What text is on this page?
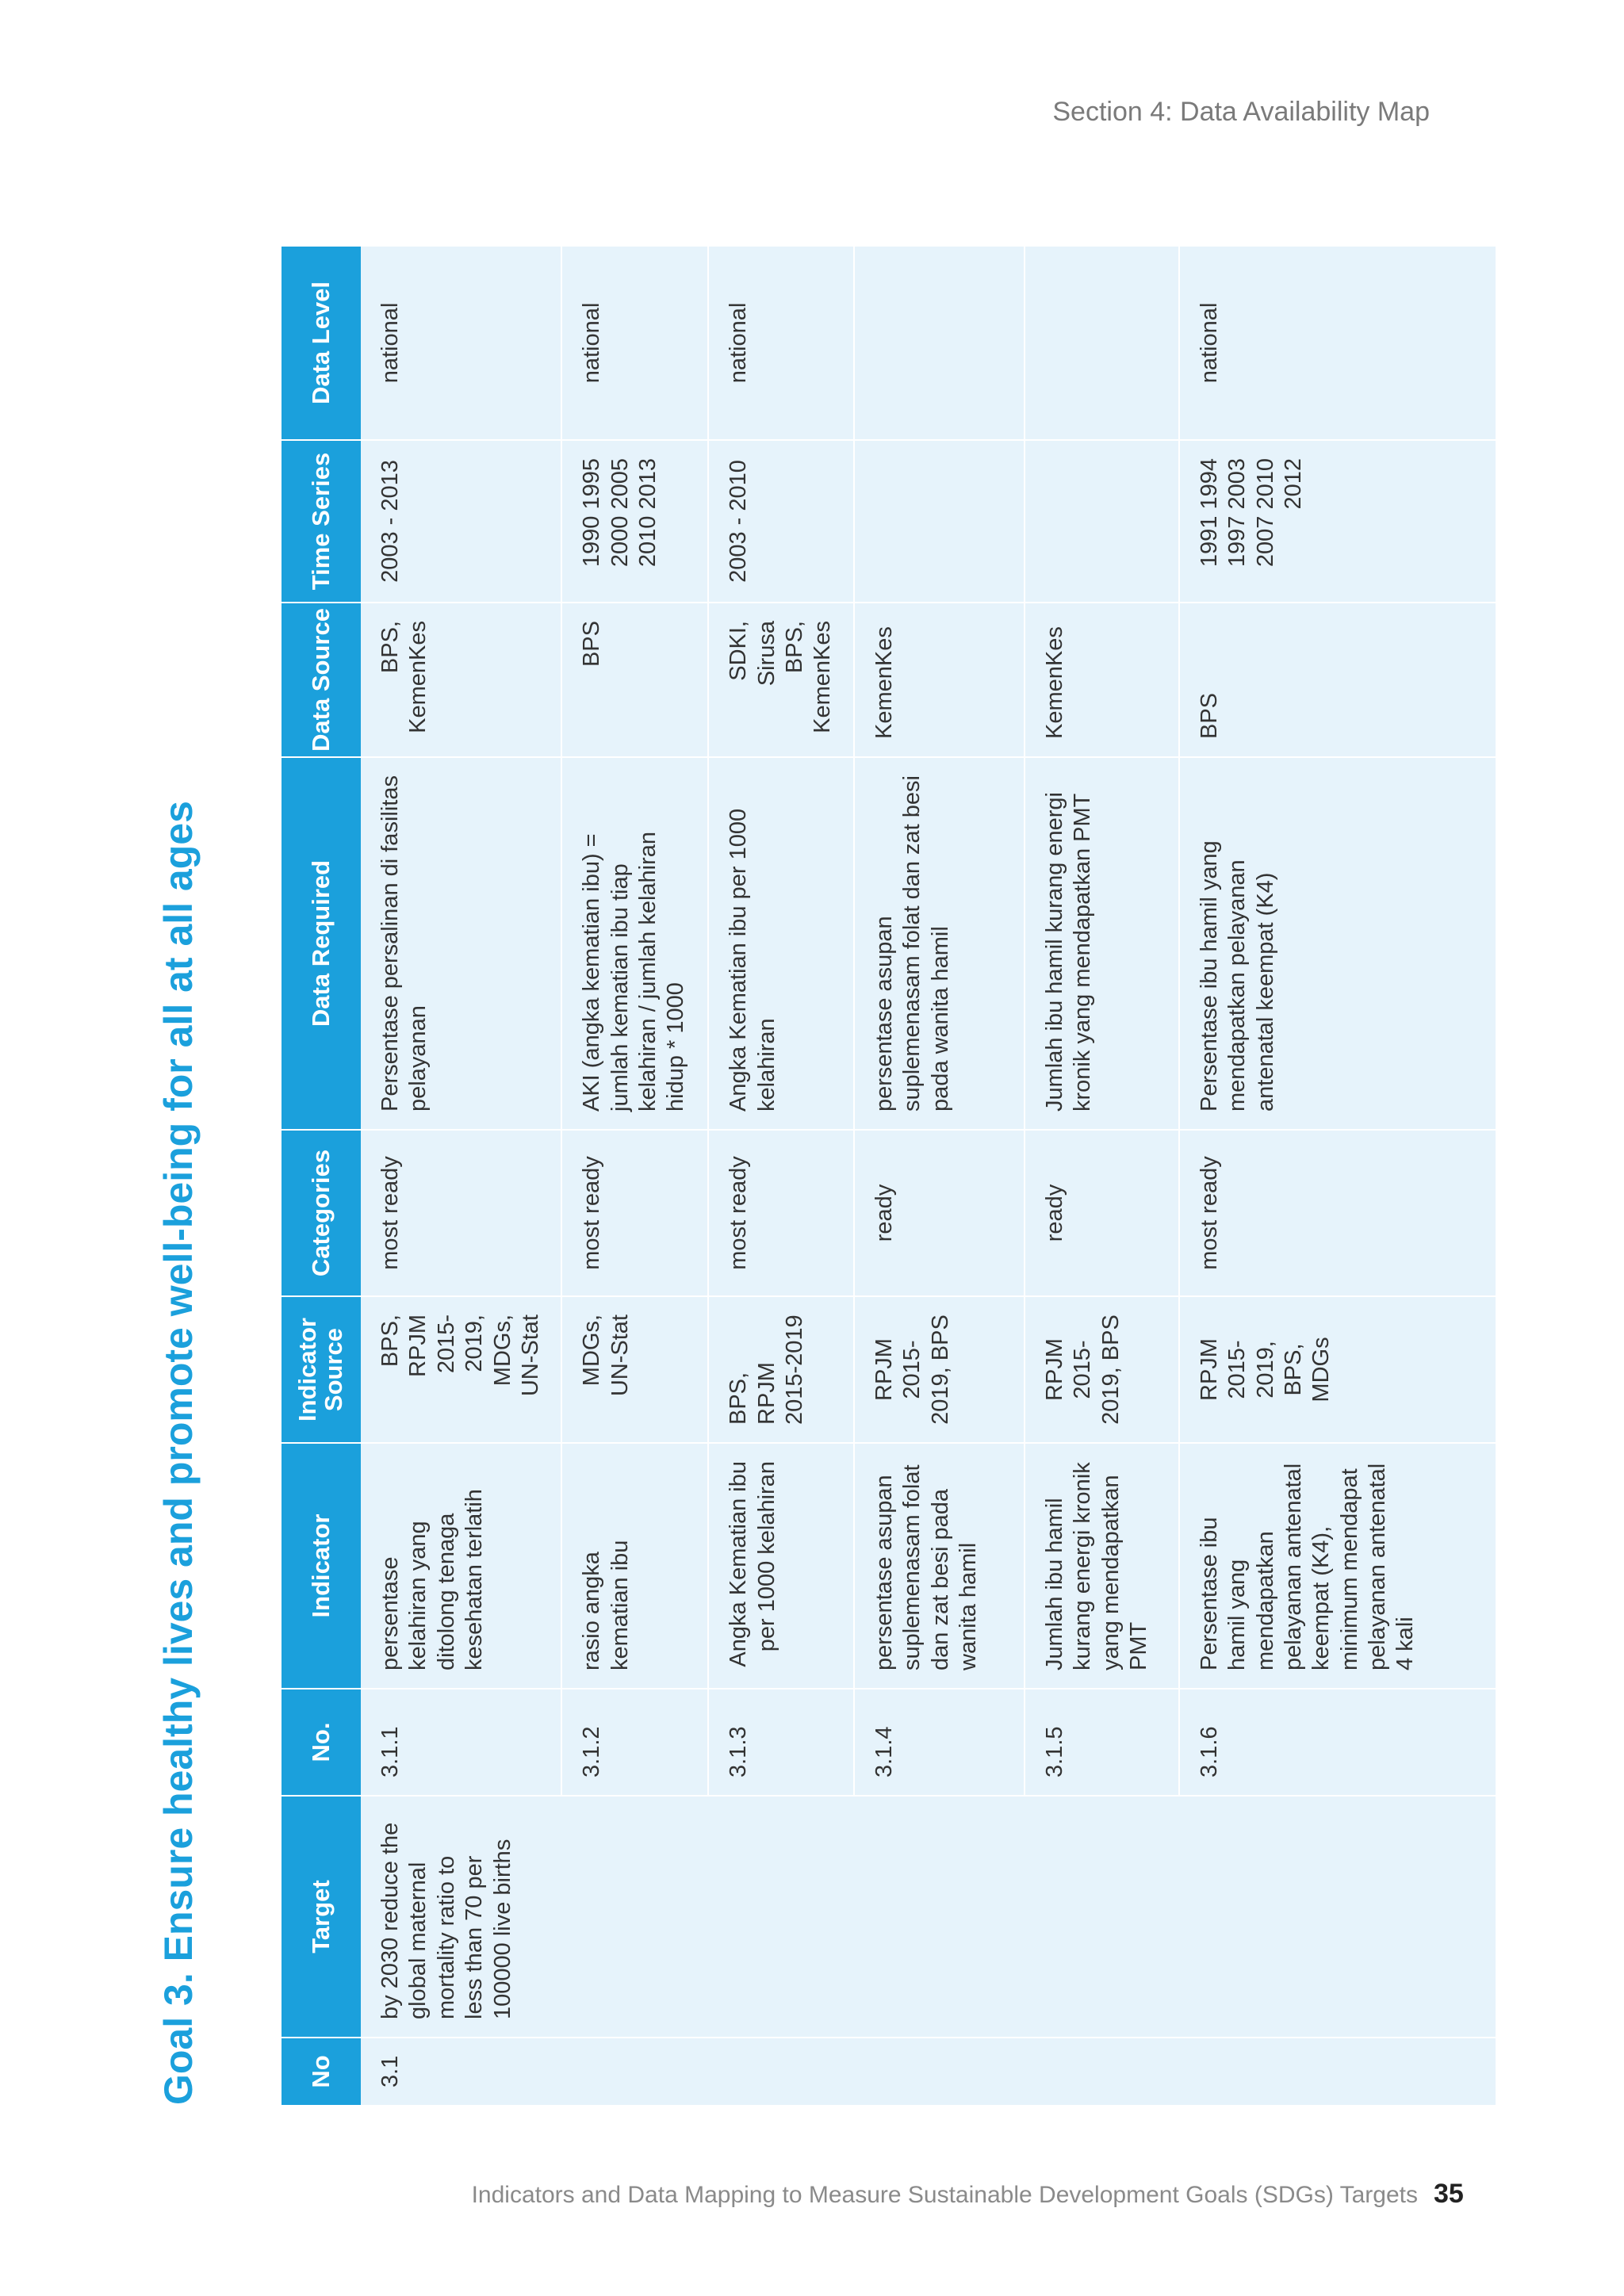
Section 4: Data Availability Map
Goal 3. Ensure healthy lives and promote well-being for all at all ages	No	Target	No.	Indicator	Indicator Source	Categories	Data Required	Data Source	Time Series	Data Level
3.1	by 2030 reduce the global maternal mortality ratio to less than 70 per 100000 live births	3.1.1	persentase kelahiran yang ditolong tenaga kesehatan terlatih	BPS, RPJM 2015-2019, MDGs, UN-Stat	most ready	Persentase persalinan di fasilitas pelayanan	BPS, KemenKes	2003 - 2013	national
		3.1.2	rasio angka kematian ibu	MDGs, UN-Stat	most ready	AKI (angka kematian ibu) = jumlah kematian ibu tiap kelahiran / jumlah kelahiran hidup * 1000	BPS	1990 1995 2000 2005 2010 2013	national
		3.1.3	Angka Kematian ibu per 1000 kelahiran	BPS, RPJM 2015-2019	most ready	Angka Kematian ibu per 1000 kelahiran	SDKI, Sirusa BPS, KemenKes	2003 - 2010	national
		3.1.4	persentase asupan suplemenasam folat dan zat besi pada wanita hamil	RPJM 2015-2019, BPS	ready	persentase asupan suplemenasam folat dan zat besi pada wanita hamil	KemenKes		
		3.1.5	Jumlah ibu hamil kurang energi kronik yang mendapatkan PMT	RPJM 2015-2019, BPS	ready	Jumlah ibu hamil kurang energi kronik yang mendapatkan PMT	KemenKes		
		3.1.6	Persentase ibu hamil yang mendapatkan pelayanan antenatal keempat (K4), minimum mendapat pelayanan antenatal 4 kali	RPJM 2015-2019, BPS, MDGs	most ready	Persentase ibu hamil yang mendapatkan pelayanan antenatal keempat (K4)	BPS	1991 1994 1997 2003 2007 2010 2012	national
Indicators and Data Mapping to Measure Sustainable Development Goals (SDGs) Targets 35
